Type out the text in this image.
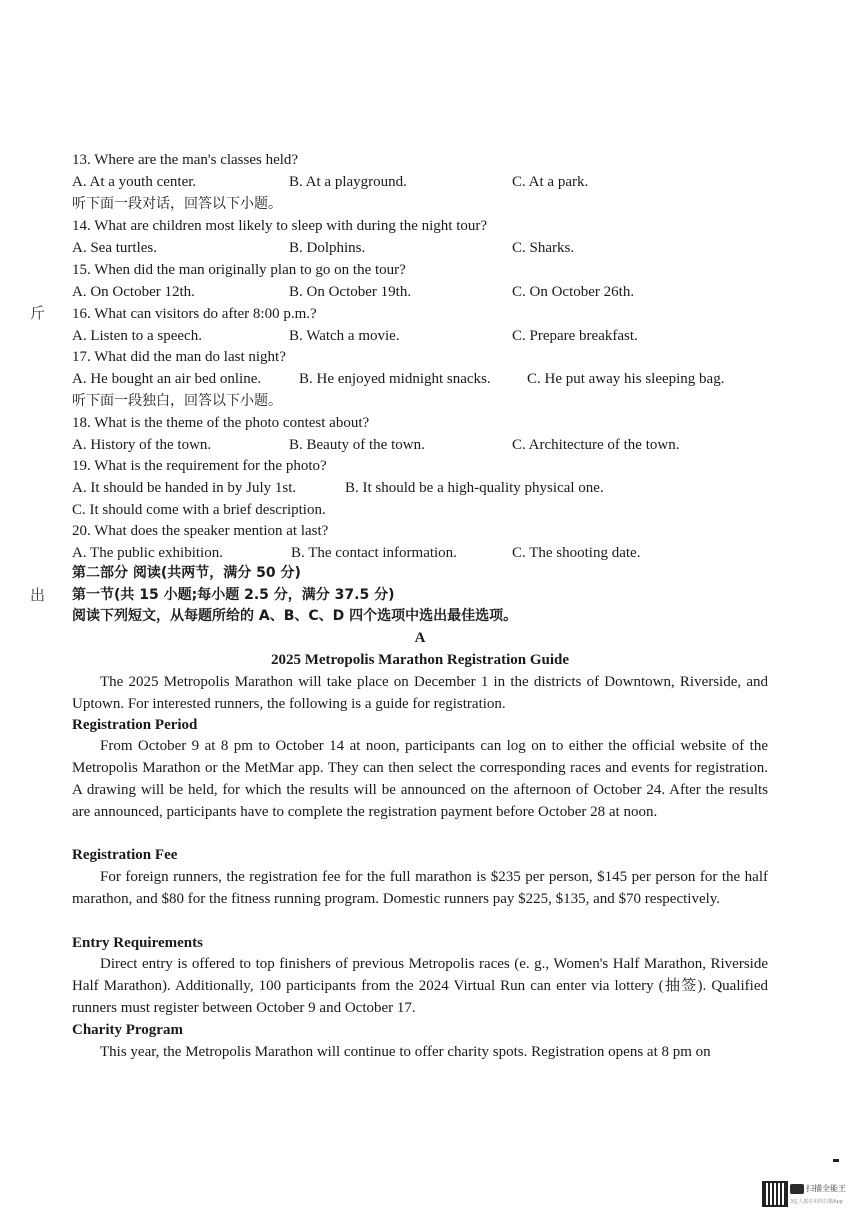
13. Where are the man's classes held?
A. At a youth center.	B. At a playground.	C. At a park.
听下面一段对话，回答以下小题。
14. What are children most likely to sleep with during the night tour?
A. Sea turtles.	B. Dolphins.	C. Sharks.
15. When did the man originally plan to go on the tour?
A. On October 12th.	B. On October 19th.	C. On October 26th.
16. What can visitors do after 8:00 p.m.?
A. Listen to a speech.	B. Watch a movie.	C. Prepare breakfast.
17. What did the man do last night?
A. He bought an air bed online.	B. He enjoyed midnight snacks. C. He put away his sleeping bag.
听下面一段独白，回答以下小题。
18. What is the theme of the photo contest about?
A. History of the town.	B. Beauty of the town.	C. Architecture of the town.
19. What is the requirement for the photo?
A. It should be handed in by July 1st.	B. It should be a high-quality physical one.
C. It should come with a brief description.
20. What does the speaker mention at last?
A. The public exhibition.	B. The contact information.	C. The shooting date.
第二部分 阅读(共两节，满分 50 分)
第一节(共 15 小题;每小题 2.5 分，满分 37.5 分)
阅读下列短文，从每题所给的 A、B、C、D 四个选项中选出最佳选项。
A
2025 Metropolis Marathon Registration Guide
The 2025 Metropolis Marathon will take place on December 1 in the districts of Downtown, Riverside, and Uptown. For interested runners, the following is a guide for registration.
Registration Period
From October 9 at 8 pm to October 14 at noon, participants can log on to either the official website of the Metropolis Marathon or the MetMar app. They can then select the corresponding races and events for registration. A drawing will be held, for which the results will be announced on the afternoon of October 24. After the results are announced, participants have to complete the registration payment before October 28 at noon.
Registration Fee
For foreign runners, the registration fee for the full marathon is $235 per person, $145 per person for the half marathon, and $80 for the fitness running program. Domestic runners pay $225, $135, and $70 respectively.
Entry Requirements
Direct entry is offered to top finishers of previous Metropolis races (e. g., Women's Half Marathon, Riverside Half Marathon). Additionally, 100 participants from the 2024 Virtual Run can enter via lottery (抽签). Qualified runners must register between October 9 and October 17.
Charity Program
This year, the Metropolis Marathon will continue to offer charity spots. Registration opens at 8 pm on
斤
出
扫描全能王
3亿人都在用的扫描App
